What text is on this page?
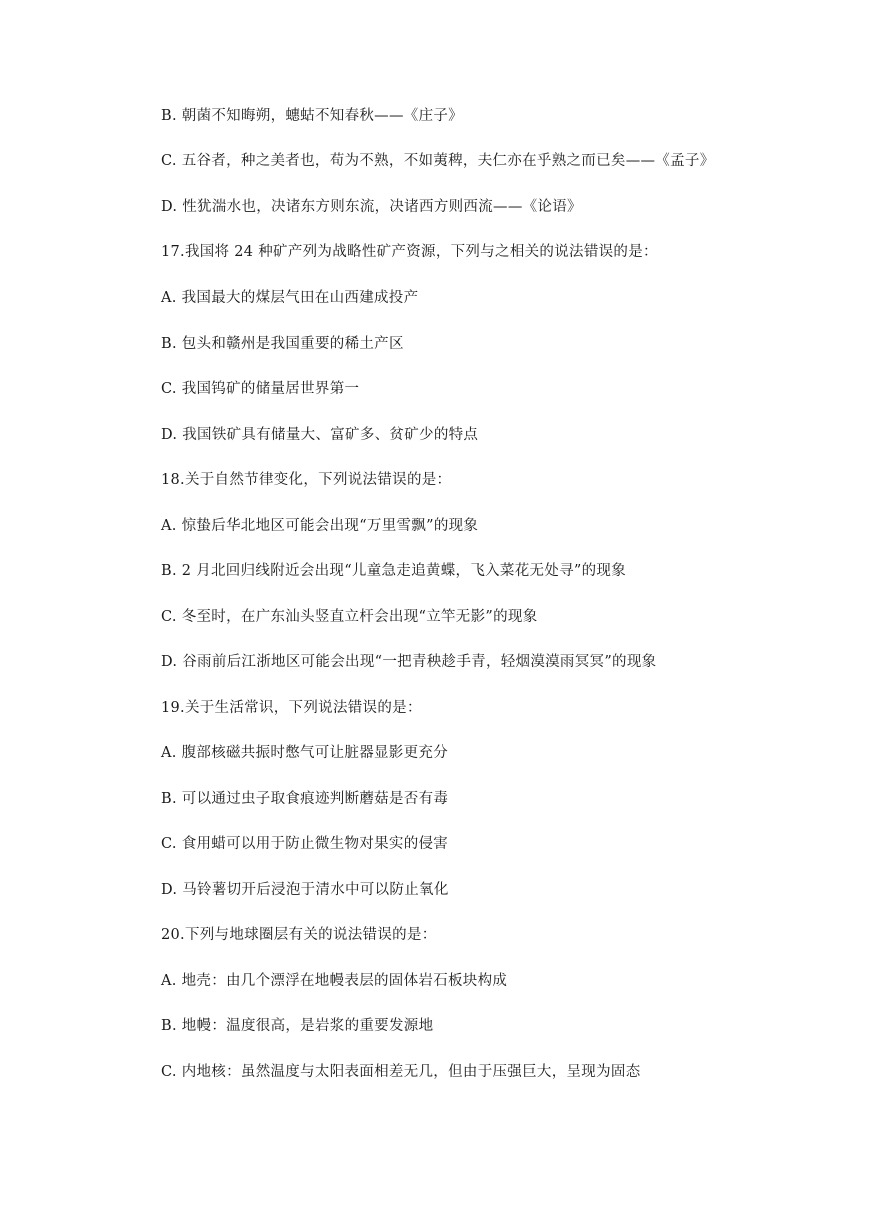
B. 朝菌不知晦朔，蟪蛄不知春秋——《庄子》
C. 五谷者，种之美者也，苟为不熟，不如荑稗，夫仁亦在乎熟之而已矣——《孟子》
D. 性犹湍水也，决诸东方则东流，决诸西方则西流——《论语》
17.我国将 24 种矿产列为战略性矿产资源，下列与之相关的说法错误的是：
A. 我国最大的煤层气田在山西建成投产
B. 包头和赣州是我国重要的稀土产区
C. 我国钨矿的储量居世界第一
D. 我国铁矿具有储量大、富矿多、贫矿少的特点
18.关于自然节律变化，下列说法错误的是：
A. 惊蛰后华北地区可能会出现“万里雪飘”的现象
B. 2 月北回归线附近会出现“儿童急走追黄蝶，飞入菜花无处寻”的现象
C. 冬至时，在广东汕头竖直立杆会出现“立竿无影”的现象
D. 谷雨前后江浙地区可能会出现“一把青秧趁手青，轻烟漠漠雨冥冥”的现象
19.关于生活常识，下列说法错误的是：
A. 腹部核磁共振时憋气可让脏器显影更充分
B. 可以通过虫子取食痕迹判断蘑菇是否有毒
C. 食用蜡可以用于防止微生物对果实的侵害
D. 马铃薯切开后浸泡于清水中可以防止氧化
20.下列与地球圈层有关的说法错误的是：
A. 地壳：由几个漂浮在地幔表层的固体岩石板块构成
B. 地幔：温度很高，是岩浆的重要发源地
C. 内地核：虽然温度与太阳表面相差无几，但由于压强巨大，呈现为固态
